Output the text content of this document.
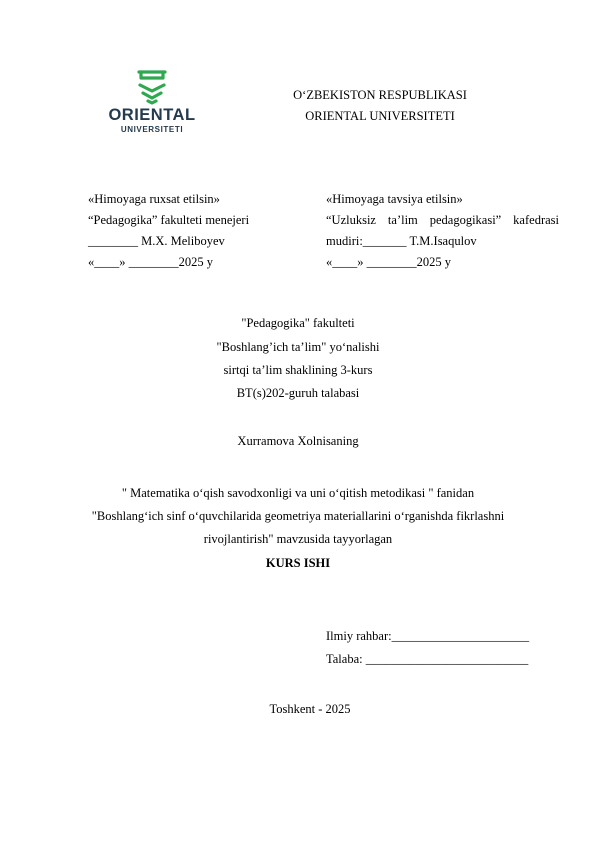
ORIENTAL
UNIVERSITETI
O‘ZBEKISTON RESPUBLIKASI
ORIENTAL UNIVERSITETI
«Himoyaga ruxsat etilsin»
“Pedagogika” fakulteti menejeri
________ M.X. Meliboyev
«____» ________2025 y
«Himoyaga tavsiya etilsin»
“Uzluksiz ta’lim pedagogikasi” kafedrasi
mudiri:_______ T.M.Isaqulov
«____» ________2025 y
"Pedagogika" fakulteti
"Boshlang’ich ta’lim" yo‘nalishi
sirtqi ta’lim shaklining 3-kurs
BT(s)202-guruh talabasi
Xurramova Xolnisaning
" Matematika o‘qish savodxonligi va uni o‘qitish metodikasi " fanidan
"Boshlang‘ich sinf o‘quvchilarida geometriya materiallarini o‘rganishda fikrlashni
rivojlantirish" mavzusida tayyorlagan
KURS ISHI
Ilmiy rahbar:______________________
Talaba: __________________________
Toshkent - 2025
